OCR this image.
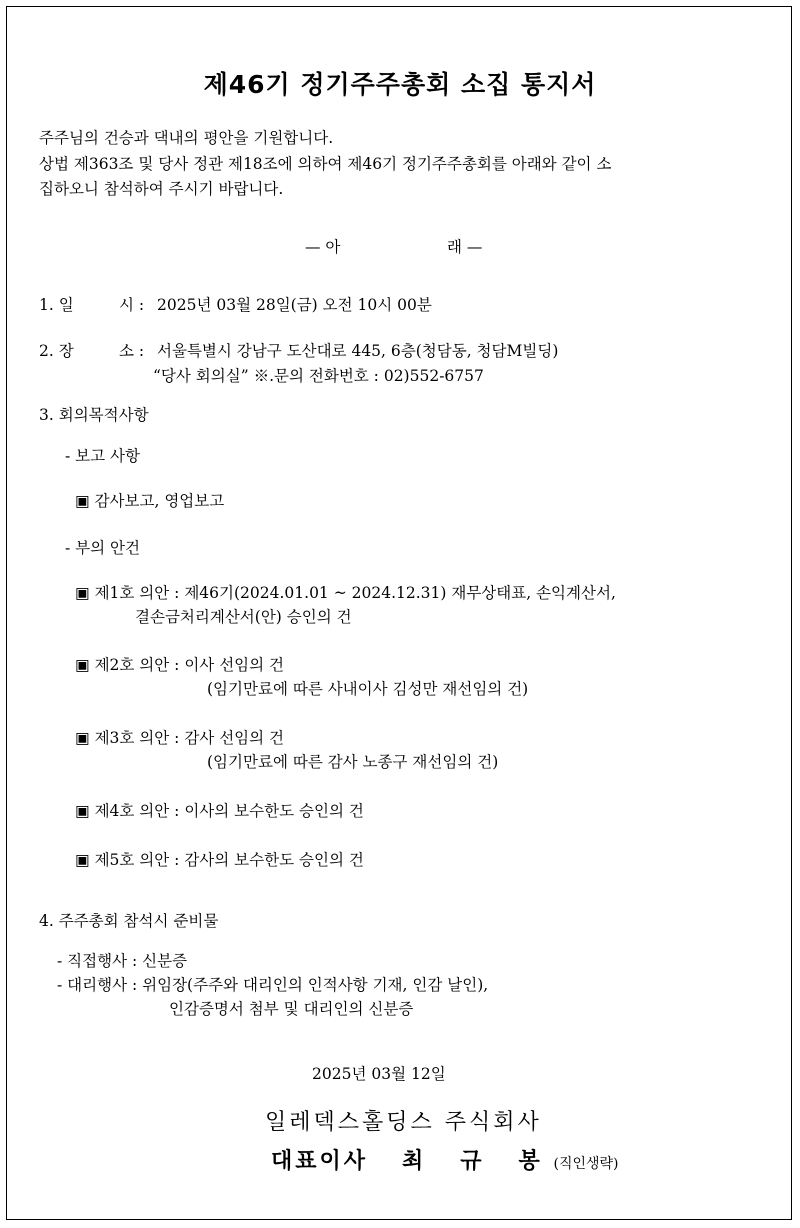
제46기 정기주주총회 소집 통지서
주주님의 건승과 댁내의 평안을 기원합니다.
상법 제363조 및 당사 정관 제18조에 의하여 제46기 정기주주총회를 아래와 같이 소
집하오니 참석하여 주시기 바랍니다.
— 아	래 —
1. 일	시 : 2025년 03월 28일(금) 오전 10시 00분
2. 장	소 : 서울특별시 강남구 도산대로 445, 6층(청담동, 청담M빌딩)
“당사 회의실” ※.문의 전화번호 : 02)552-6757
3. 회의목적사항
- 보고 사항
▣ 감사보고, 영업보고
- 부의 안건
▣ 제1호 의안 : 제46기(2024.01.01 ~ 2024.12.31) 재무상태표, 손익계산서,
결손금처리계산서(안) 승인의 건
▣ 제2호 의안 : 이사 선임의 건
(임기만료에 따른 사내이사 김성만 재선임의 건)
▣ 제3호 의안 : 감사 선임의 건
(임기만료에 따른 감사 노종구 재선임의 건)
▣ 제4호 의안 : 이사의 보수한도 승인의 건
▣ 제5호 의안 : 감사의 보수한도 승인의 건
4. 주주총회 참석시 준비물
- 직접행사 : 신분증
- 대리행사 : 위임장(주주와 대리인의 인적사항 기재, 인감 날인),
인감증명서 첨부 및 대리인의 신분증
2025년 03월 12일
일레덱스홀딩스 주식회사
대표이사 최 규 봉 (직인생략)
